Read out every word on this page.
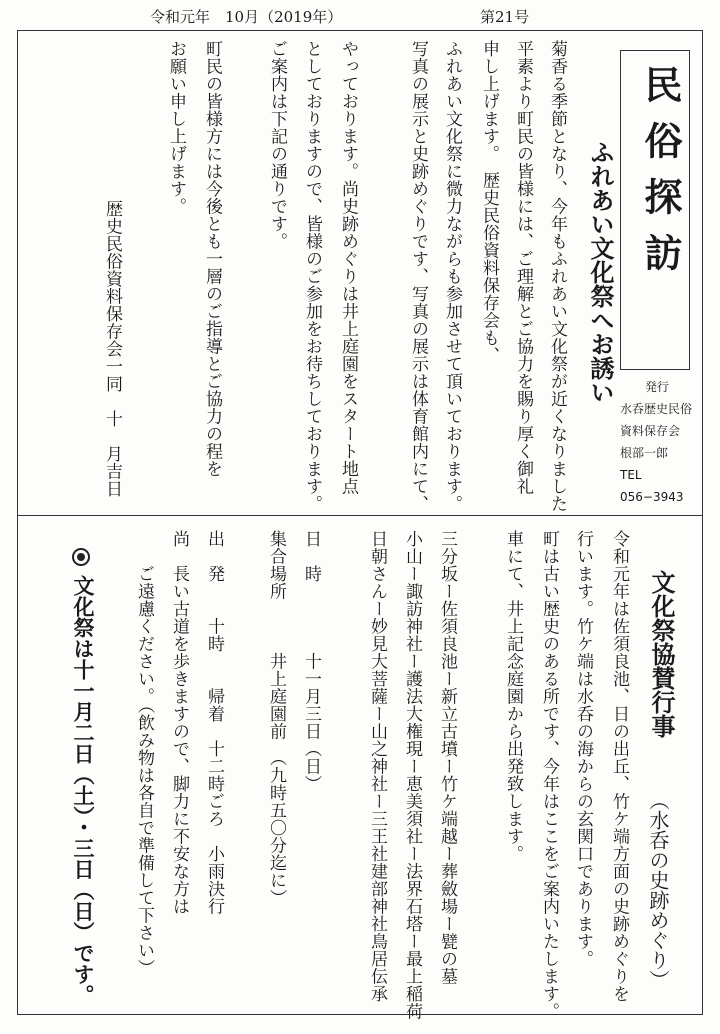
令和元年　10月（2019年）	第21号
民俗探訪
発行
水呑歴史民俗
資料保存会
根部一郎
TEL
056−3943
ふれあい文化祭へお誘い
菊香る季節となり、今年もふれあい文化祭が近くなりました
平素より町民の皆様には、ご理解とご協力を賜り厚く御礼
申し上げます。　歴史民俗資料保存会も、
ふれあい文化祭に微力ながらも参加させて頂いております。
写真の展示と史跡めぐりです、写真の展示は体育館内にて、
やっております。尚史跡めぐりは井上庭園をスタート地点
としておりますので、皆様のご参加をお待ちしております。
ご案内は下記の通りです。
町民の皆様方には今後とも一層のご指導とご協力の程を
お願い申し上げます。
歴史民俗資料保存会一同　十　月吉日
文化祭協賛行事
（水呑の史跡めぐり）
令和元年は佐須良池、日の出丘、竹ケ端方面の史跡めぐりを
行います。竹ケ端は水呑の海からの玄関口であります。
町は古い歴史のある所です、今年はここをご案内いたします。
車にて、井上記念庭園から出発致します。
三分坂ー佐須良池ー新立古墳ー竹ケ端越ー葬斂場ー甓の墓
小山ー諏訪神社ー護法大権現ー恵美須社ー法界石塔ー最上稲荷
日朝さんー妙見大菩薩ー山之神社ー三王社建部神社鳥居伝承
日　時　　　　十一月三日（日）
集合場所　　　井上庭園前　（九時五〇分迄に）
出　発　　十時　　帰着　十二時ごろ　小雨決行
尚　長い古道を歩きますので、脚力に不安な方は
　　ご遠慮ください。（飲み物は各自で準備して下さい）
文化祭は十一月二日（土）・三日（日）です。
